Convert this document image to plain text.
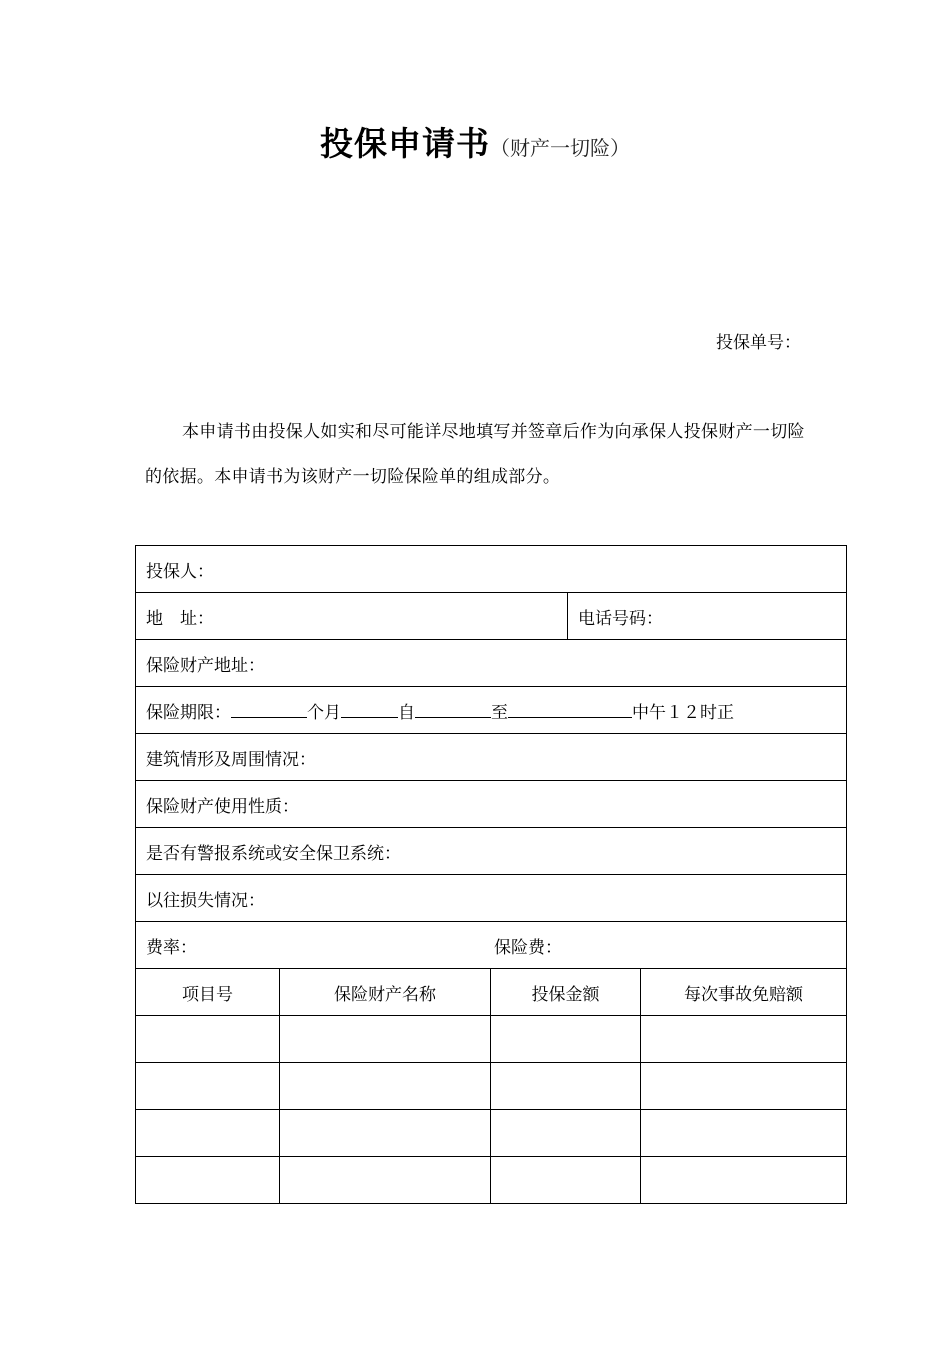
投保申请书（财产一切险）
投保单号：
本申请书由投保人如实和尽可能详尽地填写并签章后作为向承保人投保财产一切险的依据。本申请书为该财产一切险保险单的组成部分。
投保人：				
地　址：			电话号码：	
保险财产地址：				
保险期限： 个月 自 至 中午１２时正				
建筑情形及周围情况：				
保险财产使用性质：				
是否有警报系统或安全保卫系统：				
以往损失情况：				
费率： 保险费：				
项目号	保险财产名称	投保金额		每次事故免赔额
